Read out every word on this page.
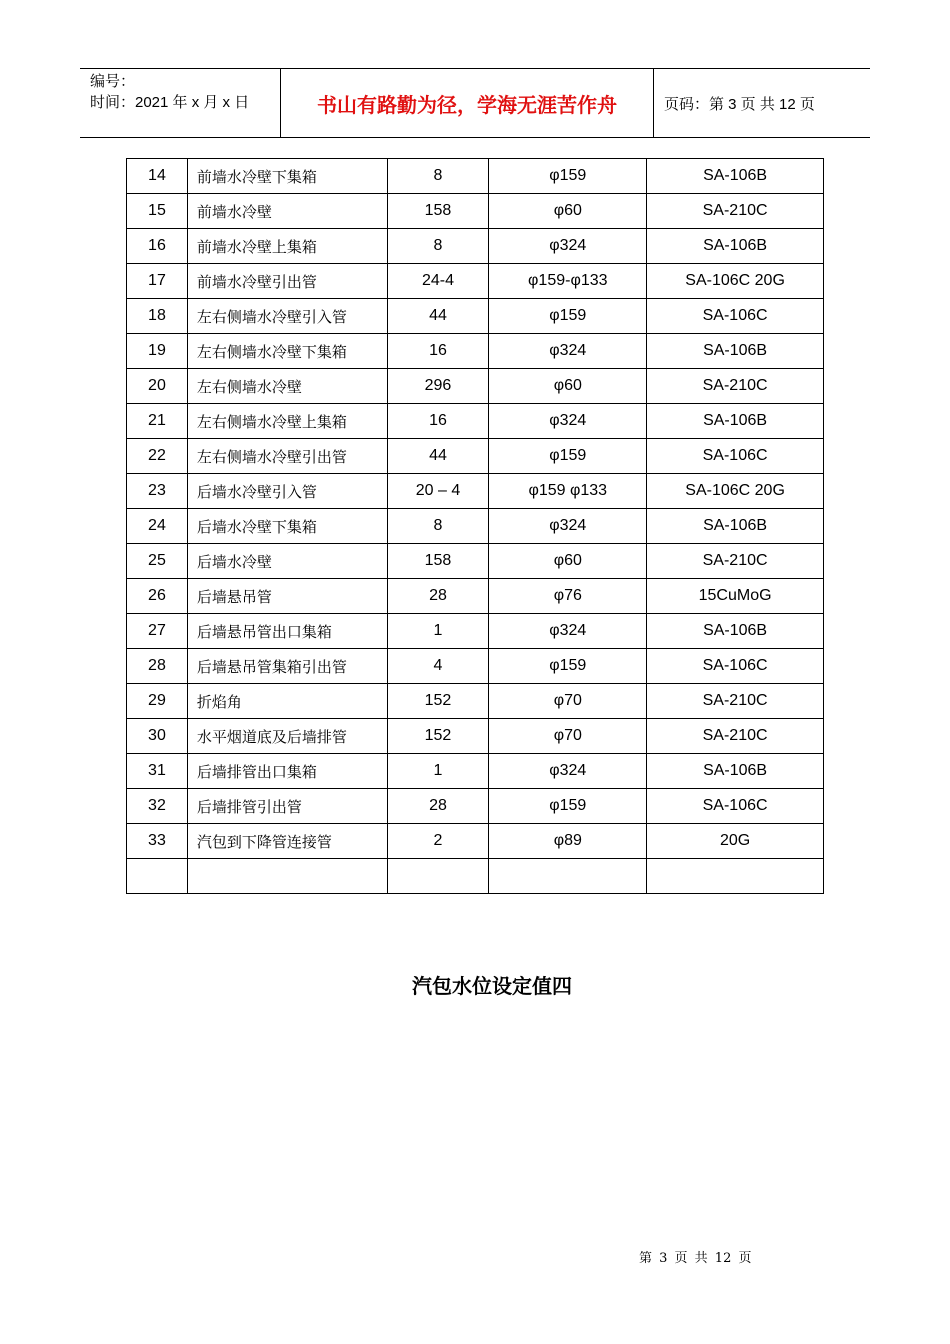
编号：
时间：2021 年 x 月 x 日	书山有路勤为径，学海无涯苦作舟	页码：第 3 页 共 12 页
14	前墙水冷壁下集箱	8	φ159	SA-106B
15	前墙水冷壁	158	φ60	SA-210C
16	前墙水冷壁上集箱	8	φ324	SA-106B
17	前墙水冷壁引出管	24-4	φ159-φ133	SA-106C 20G
18	左右侧墙水冷壁引入管	44	φ159	SA-106C
19	左右侧墙水冷壁下集箱	16	φ324	SA-106B
20	左右侧墙水冷壁	296	φ60	SA-210C
21	左右侧墙水冷壁上集箱	16	φ324	SA-106B
22	左右侧墙水冷壁引出管	44	φ159	SA-106C
23	后墙水冷壁引入管	20 – 4	φ159 φ133	SA-106C 20G
24	后墙水冷壁下集箱	8	φ324	SA-106B
25	后墙水冷壁	158	φ60	SA-210C
26	后墙悬吊管	28	φ76	15CuMoG
27	后墙悬吊管出口集箱	1	φ324	SA-106B
28	后墙悬吊管集箱引出管	4	φ159	SA-106C
29	折焰角	152	φ70	SA-210C
30	水平烟道底及后墙排管	152	φ70	SA-210C
31	后墙排管出口集箱	1	φ324	SA-106B
32	后墙排管引出管	28	φ159	SA-106C
33	汽包到下降管连接管	2	φ89	20G

汽包水位设定值四
第 3 页 共 12 页
